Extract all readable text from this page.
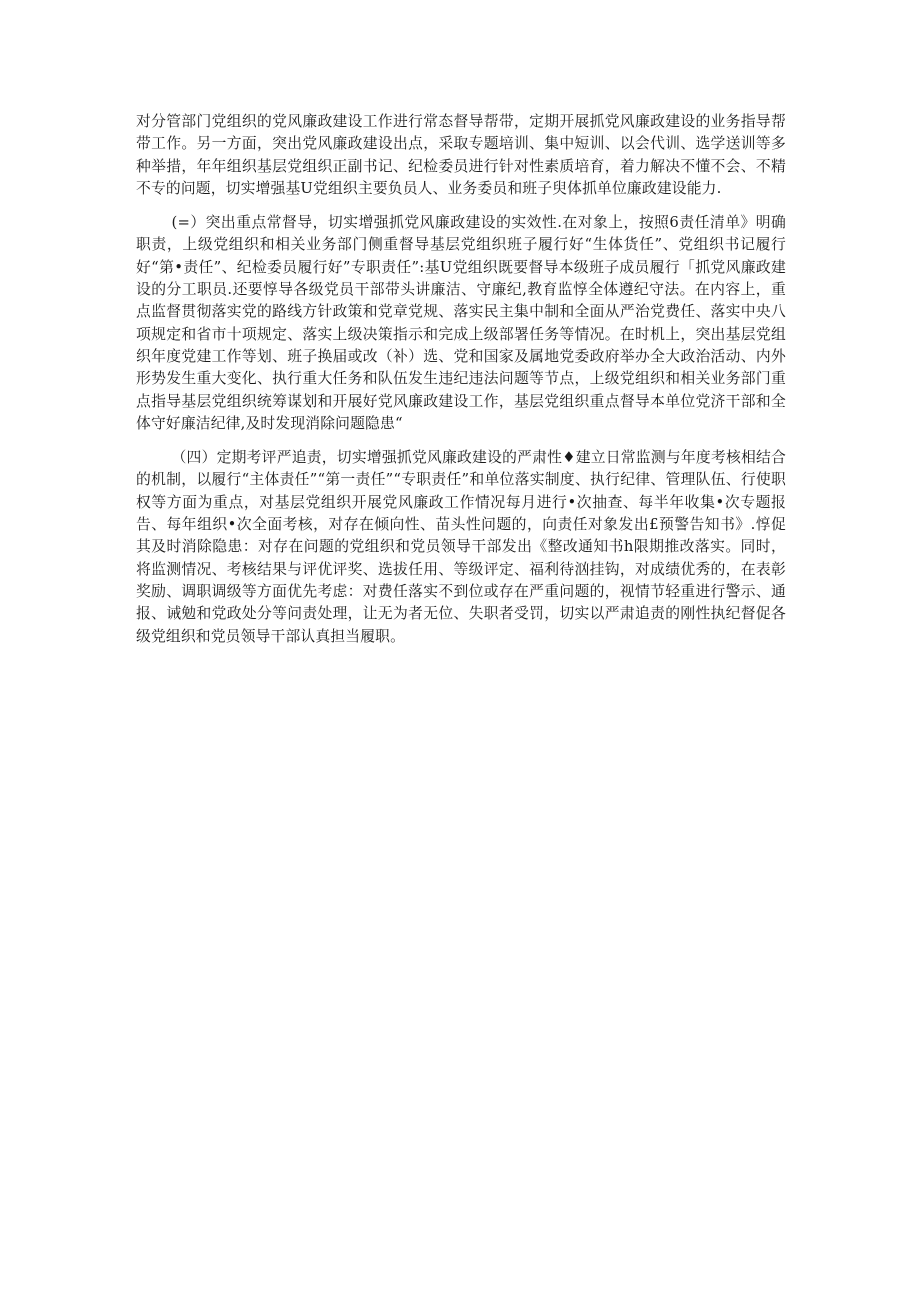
对分管部门党组织的党风廉政建设工作进行常态督导帮带，定期开展抓党风廉政建设的业务指导帮带工作。另一方面，突出党风廉政建设出点，采取专题培训、集中短训、以会代训、选学送训等多种举措，年年组织基层党组织正副书记、纪检委员进行针对性素质培育，着力解决不懂不会、不精不专的问题，切实增强基U党组织主要负员人、业务委员和班子臾体抓单位廉政建设能力.

(=）突出重点常督导，切实增强抓党风廉政建设的实效性.在对象上，按照6责任清单》明确职责，上级党组织和相关业务部门侧重督导基层党组织班子履行好“生体货任”、党组织书记履行好“第•责任”、纪检委员履行好”专职责任”:基U党组织既要督导本级班子成员履行「抓党风廉政建设的分工职员.还要惇导各级党员干部带头讲廉洁、守廉纪,教育监惇全体遵纪守法。在内容上，重点监督贯彻落实党的路线方针政策和党章党规、落实民主集中制和全面从严治党费任、落实中央八项规定和省市十项规定、落实上级决策指示和完成上级部署任务等情况。在时机上，突出基层党组织年度党建工作等划、班子换届或改（补）选、党和国家及属地党委政府举办全大政治活动、内外形势发生重大变化、执行重大任务和队伍发生违纪违法问题等节点，上级党组织和相关业务部门重点指导基层党组织统筹谋划和开展好党风廉政建设工作，基层党组织重点督导本单位党济干部和全体守好廉洁纪律,及时发现消除问题隐患“

（四）定期考评严追责，切实增强抓党风廉政建设的严肃性♦建立日常监测与年度考核相结合的机制，以履行“主体责任”“第一责任”“专职责任”和单位落实制度、执行纪律、管理队伍、行使职权等方面为重点，对基层党组织开展党风廉政工作情况每月进行•次抽查、每半年收集•次专题报告、每年组织•次全面考核，对存在倾向性、苗头性问题的，向责任对象发出£预警告知书》.惇促其及时消除隐患：对存在问题的党组织和党员领导干部发出《整改通知书h限期推改落实。同时，将监测情况、考核结果与评优评奖、选拔任用、等级评定、福利待汹挂钩，对成绩优秀的，在表彰奖励、调职调级等方面优先考虑：对费任落实不到位或存在严重问题的，视情节轻重进行警示、通报、诫勉和党政处分等问责处理，让无为者无位、失职者受罚，切实以严肃追责的刚性执纪督促各级党组织和党员领导干部认真担当履职。
